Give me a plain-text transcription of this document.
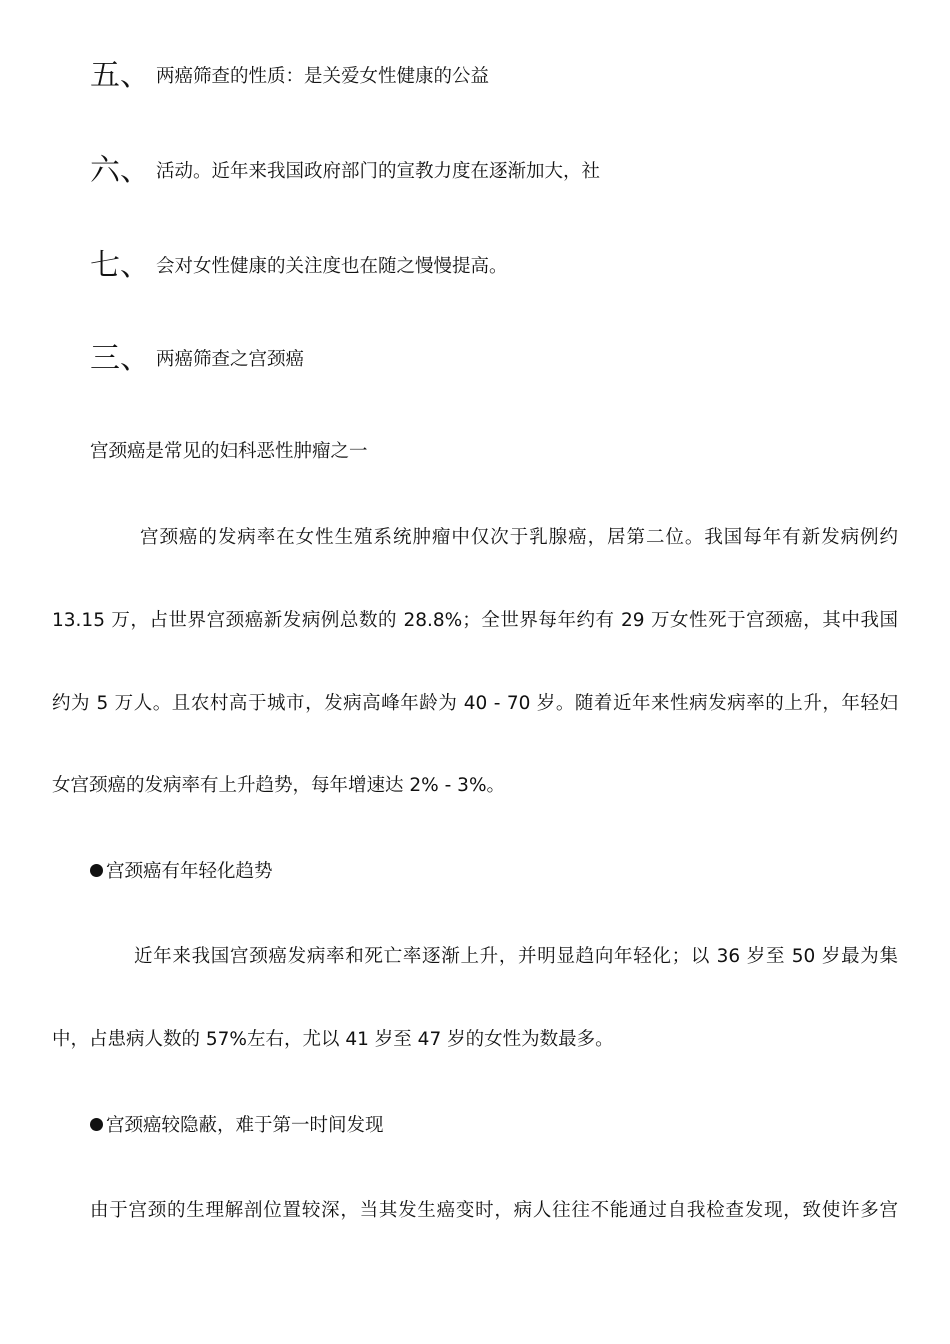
五、 两癌筛查的性质：是关爱女性健康的公益
六、 活动。近年来我国政府部门的宣教力度在逐渐加大，社
七、 会对女性健康的关注度也在随之慢慢提高。
三、 两癌筛查之宫颈癌
宫颈癌是常见的妇科恶性肿瘤之一
宫颈癌的发病率在女性生殖系统肿瘤中仅次于乳腺癌，居第二位。我国每年有新发病例约
13.15 万，占世界宫颈癌新发病例总数的 28.8%；全世界每年约有 29 万女性死于宫颈癌，其中我国
约为 5 万人。且农村高于城市，发病高峰年龄为 40 - 70 岁。随着近年来性病发病率的上升，年轻妇
女宫颈癌的发病率有上升趋势，每年增速达 2% - 3%。
宫颈癌有年轻化趋势
近年来我国宫颈癌发病率和死亡率逐渐上升，并明显趋向年轻化；以 36 岁至 50 岁最为集
中，占患病人数的 57%左右，尤以 41 岁至 47 岁的女性为数最多。
宫颈癌较隐蔽，难于第一时间发现
由于宫颈的生理解剖位置较深，当其发生癌变时，病人往往不能通过自我检查发现，致使许多宫
